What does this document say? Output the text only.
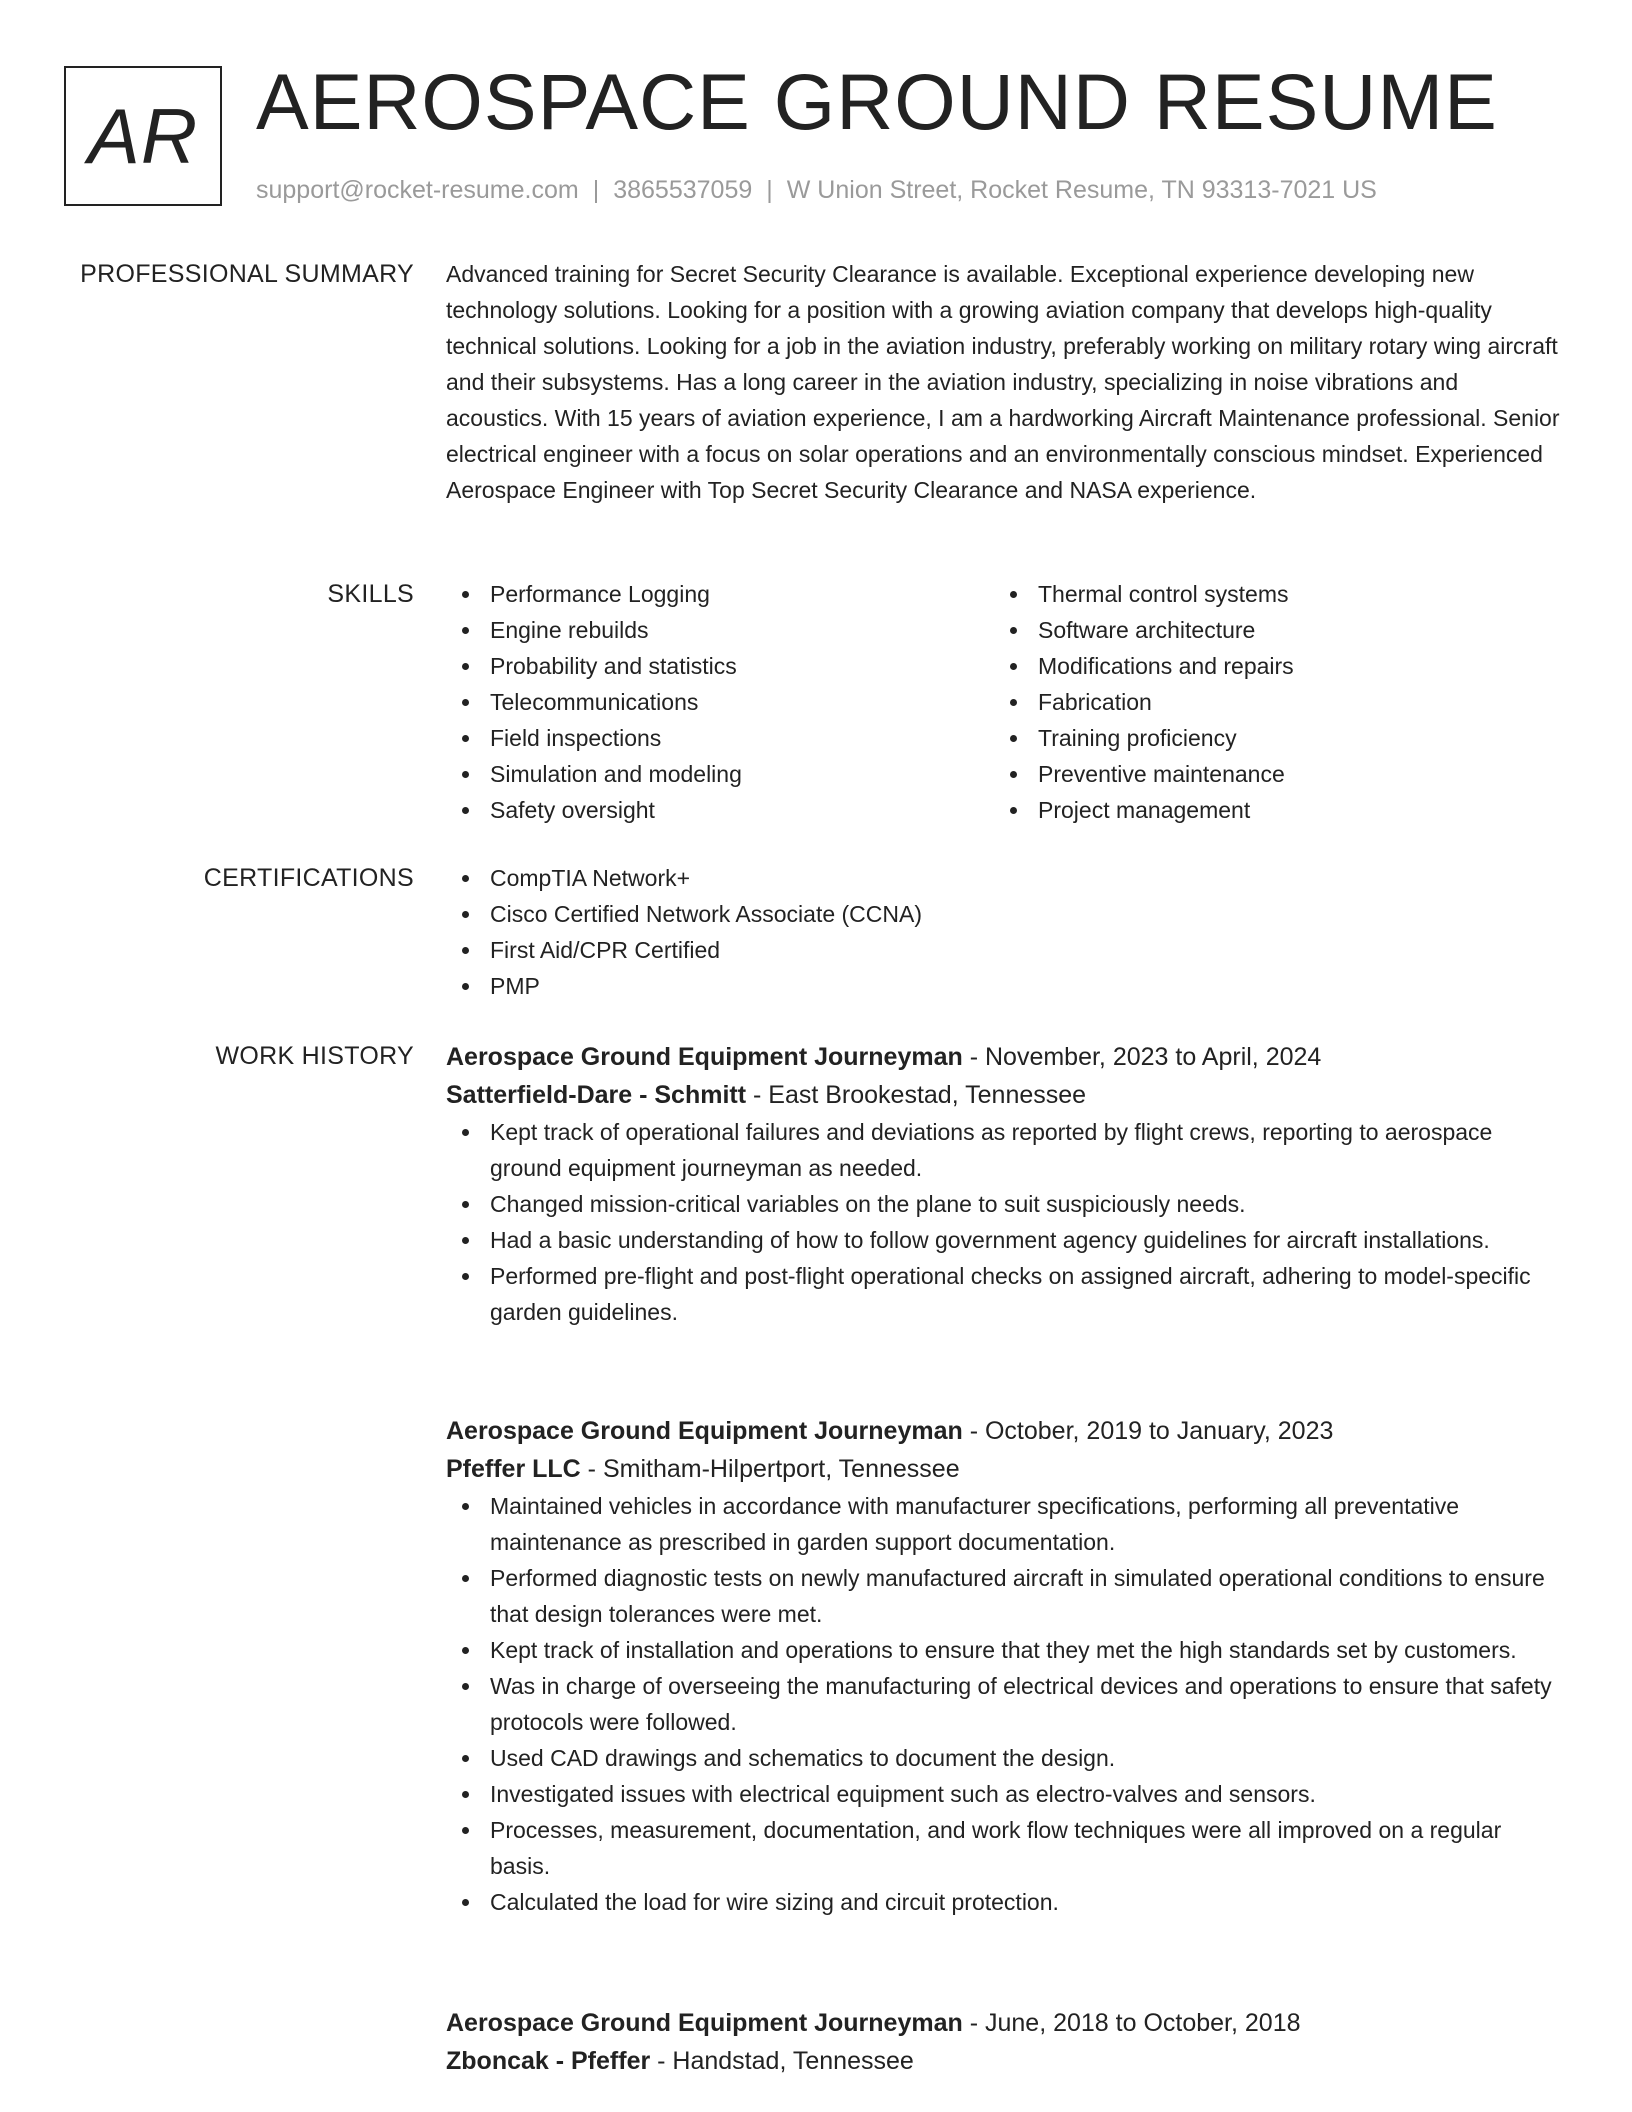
AR AEROSPACE GROUND RESUME
support@rocket-resume.com | 3865537059 | W Union Street, Rocket Resume, TN 93313-7021 US
PROFESSIONAL SUMMARY Advanced training for Secret Security Clearance is available. Exceptional experience developing new technology solutions. Looking for a position with a growing aviation company that develops high-quality technical solutions. Looking for a job in the aviation industry, preferably working on military rotary wing aircraft and their subsystems. Has a long career in the aviation industry, specializing in noise vibrations and acoustics. With 15 years of aviation experience, I am a hardworking Aircraft Maintenance professional. Senior electrical engineer with a focus on solar operations and an environmentally conscious mindset. Experienced Aerospace Engineer with Top Secret Security Clearance and NASA experience.

SKILLS	Performance Logging
Engine rebuilds
Probability and statistics
Telecommunications
Field inspections
Simulation and modeling
Safety oversight
Thermal control systems
Software architecture
Modifications and repairs
Fabrication
Training proficiency
Preventive maintenance
Project management
CERTIFICATIONS	CompTIA Network+
Cisco Certified Network Associate (CCNA)
First Aid/CPR Certified
PMP
WORK HISTORY Aerospace Ground Equipment Journeyman - November, 2023 to April, 2024
Satterfield-Dare - Schmitt - East Brookestad, Tennessee
Kept track of operational failures and deviations as reported by flight crews, reporting to aerospace ground equipment journeyman as needed.
Changed mission-critical variables on the plane to suit suspiciously needs.
Had a basic understanding of how to follow government agency guidelines for aircraft installations.
Performed pre-flight and post-flight operational checks on assigned aircraft, adhering to model-specific garden guidelines.
Aerospace Ground Equipment Journeyman - October, 2019 to January, 2023
Pfeffer LLC - Smitham-Hilpertport, Tennessee
Maintained vehicles in accordance with manufacturer specifications, performing all preventative maintenance as prescribed in garden support documentation.
Performed diagnostic tests on newly manufactured aircraft in simulated operational conditions to ensure that design tolerances were met.
Kept track of installation and operations to ensure that they met the high standards set by customers.
Was in charge of overseeing the manufacturing of electrical devices and operations to ensure that safety protocols were followed.
Used CAD drawings and schematics to document the design.
Investigated issues with electrical equipment such as electro-valves and sensors.
Processes, measurement, documentation, and work flow techniques were all improved on a regular basis.
Calculated the load for wire sizing and circuit protection.
Aerospace Ground Equipment Journeyman - June, 2018 to October, 2018
Zboncak - Pfeffer - Handstad, Tennessee
